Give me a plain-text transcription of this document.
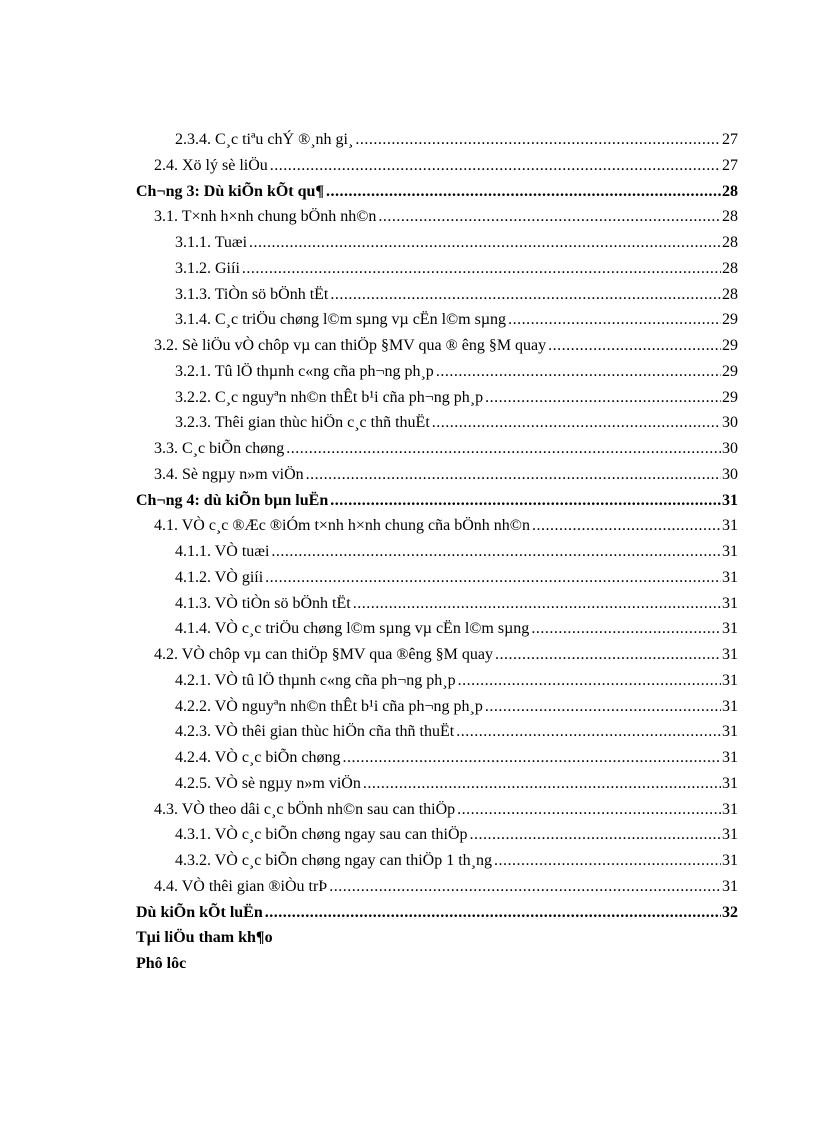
2.3.4. C¸c tiªu chÝ ®¸nh gi¸ .....	27
2.4. Xö lý sè liÖu .....	27
Ch¬ng 3: Dù kiÕn kÕt qu¶ .....	28
3.1. T×nh h×nh chung bÖnh nh©n .....	28
3.1.1. Tuæi .....	28
3.1.2. Giíi .....	28
3.1.3. TiÒn sö bÖnh tËt .....	28
3.1.4. C¸c triÖu chøng l©m sµng vµ cËn l©m sµng .....	29
3.2. Sè liÖu vÒ chôp vµ can thiÖp §MV qua ® êng §M quay .....	29
3.2.1. Tû lÖ thµnh c«ng cña ph¬ng ph¸p .....	29
3.2.2. C¸c nguyªn nh©n thÊt b¹i cña ph¬ng ph¸p .....	29
3.2.3. Thêi gian thùc hiÖn c¸c thñ thuËt .....	30
3.3. C¸c biÕn chøng .....	30
3.4. Sè ngµy n»m viÖn .....	30
Ch¬ng 4: dù kiÕn bµn luËn .....	31
4.1. VÒ c¸c ®Æc ®iÓm t×nh h×nh chung cña bÖnh nh©n .....	31
4.1.1. VÒ tuæi .....	31
4.1.2. VÒ giíi .....	31
4.1.3. VÒ tiÒn sö bÖnh tËt .....	31
4.1.4. VÒ c¸c triÖu chøng l©m sµng vµ cËn l©m sµng .....	31
4.2. VÒ chôp vµ can thiÖp §MV qua ®êng §M quay .....	31
4.2.1. VÒ tû lÖ thµnh c«ng cña ph¬ng ph¸p .....	31
4.2.2. VÒ nguyªn nh©n thÊt b¹i cña ph¬ng ph¸p .....	31
4.2.3. VÒ thêi gian thùc hiÖn cña thñ thuËt .....	31
4.2.4. VÒ c¸c biÕn chøng .....	31
4.2.5. VÒ sè ngµy n»m viÖn .....	31
4.3. VÒ theo dâi c¸c bÖnh nh©n sau can thiÖp .....	31
4.3.1. VÒ c¸c biÕn chøng ngay sau can thiÖp .....	31
4.3.2. VÒ c¸c biÕn chøng ngay can thiÖp 1 th¸ng .....	31
4.4. VÒ thêi gian ®iÒu trÞ .....	31
Dù kiÕn kÕt luËn .....	32
Tµi liÖu tham kh¶o
Phô lôc
